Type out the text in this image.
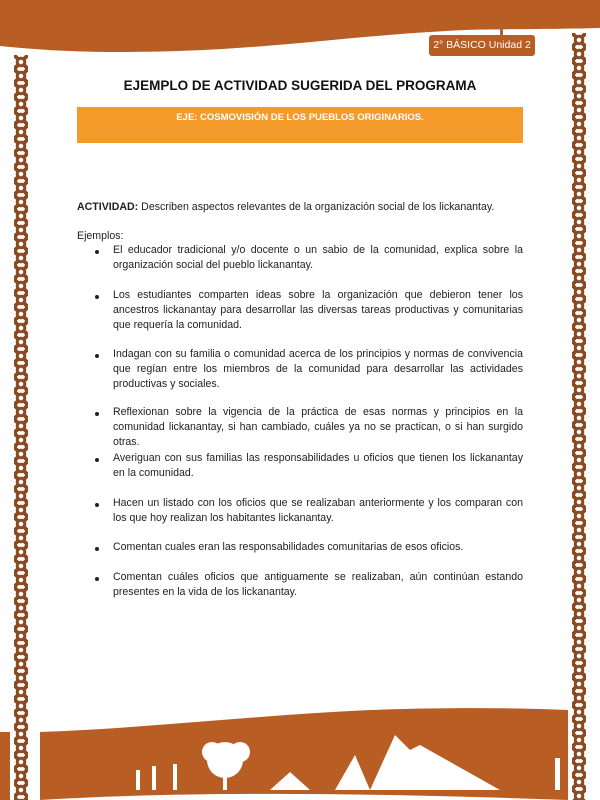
2° BÁSICO Unidad 2
EJEMPLO DE ACTIVIDAD SUGERIDA DEL PROGRAMA
EJE: COSMOVISIÓN DE LOS PUEBLOS ORIGINARIOS.
ACTIVIDAD: Describen aspectos relevantes de la organización social de los lickanantay.
Ejemplos:
El educador tradicional y/o docente o un sabio de la comunidad, explica sobre la organización social del pueblo lickanantay.
Los estudiantes comparten ideas sobre la organización que debieron tener los ancestros lickanantay para desarrollar las diversas tareas productivas y comunitarias que requería la comunidad.
Indagan con su familia o comunidad acerca de los principios y normas de convivencia que regían entre los miembros de la comunidad para desarrollar las actividades productivas y sociales.
Reflexionan sobre la vigencia de la práctica de esas normas y principios en la comunidad lickanantay, si han cambiado, cuáles ya no se practican, o si han surgido otras.
Averiguan con sus familias las responsabilidades u oficios que tienen los lickanantay en la comunidad.
Hacen un listado con los oficios que se realizaban anteriormente y los comparan con los que hoy realizan los habitantes lickanantay.
Comentan cuales eran las responsabilidades comunitarias de esos oficios.
Comentan cuáles oficios que antiguamente se realizaban, aún continúan estando presentes en la vida de los lickanantay.
